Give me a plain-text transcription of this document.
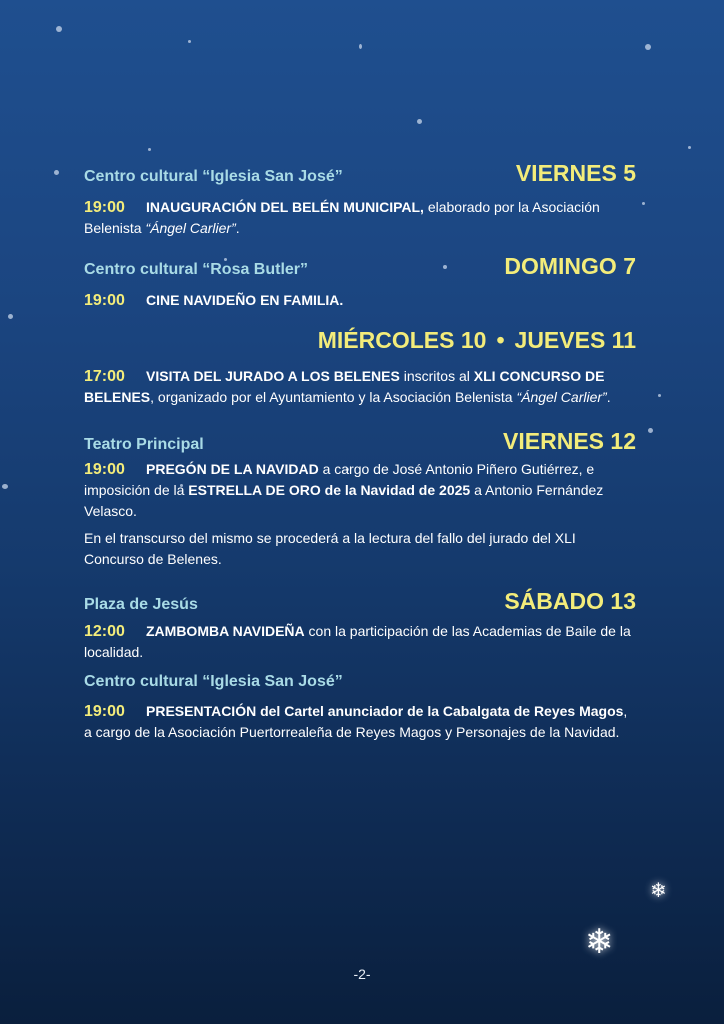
Centro cultural “Iglesia San José”	VIERNES 5
19:00 INAUGURACIÓN DEL BELÉN MUNICIPAL, elaborado por la Asociación Belenista “Ángel Carlier”.
Centro cultural “Rosa Butler”	DOMINGO 7
19:00 CINE NAVIDEÑO EN FAMILIA.
MIÉRCOLES 10 • JUEVES 11
17:00 VISITA DEL JURADO A LOS BELENES inscritos al XLI CONCURSO DE BELENES, organizado por el Ayuntamiento y la Asociación Belenista “Ángel Carlier”.
Teatro Principal	VIERNES 12
19:00 PREGÓN DE LA NAVIDAD a cargo de José Antonio Piñero Gutiérrez, e imposición de la ESTRELLA DE ORO de la Navidad de 2025 a Antonio Fernández Velasco.
En el transcurso del mismo se procederá a la lectura del fallo del jurado del XLI Concurso de Belenes.
Plaza de Jesús	SÁBADO 13
12:00 ZAMBOMBA NAVIDEÑA con la participación de las Academias de Baile de la localidad.
Centro cultural “Iglesia San José”
19:00 PRESENTACIÓN del Cartel anunciador de la Cabalgata de Reyes Magos, a cargo de la Asociación Puertorrealeña de Reyes Magos y Personajes de la Navidad.
❄
❄
-2-
